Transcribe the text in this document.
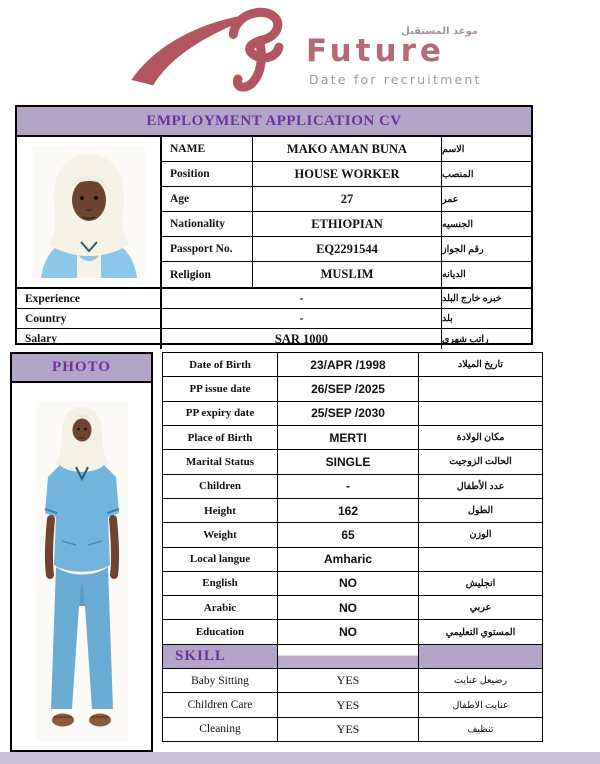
موعد المستقبل
Future
Date for recruitment
EMPLOYMENT APPLICATION CV
NAME	MAKO AMAN BUNA	الاسم
Position	HOUSE WORKER	المنصب
Age	27	عمر
Nationality	ETHIOPIAN	الجنسيه
Passport No.	EQ2291544	رقم الجواز
Religion	MUSLIM	الديانه
Experience	-	خبره خارج البلد
Country	-	بلد
Salary	SAR 1000	راتب شهري
PHOTO	Date of Birth	23/APR /1998	تاريخ الميلاد
PP issue date	26/SEP /2025
PP expiry date	25/SEP /2030
Place of Birth	MERTI	مكان الولادة
Marital Status	SINGLE	الحالت الزوجيت
Children	-	عدد الأطفال
Height	162	الطول
Weight	65	الوزن
Local langue	Amharic
English	NO	انجليش
Arabic	NO	عربي
Education	NO	المستوي التعليمي
SKILL
Baby Sitting	YES	رضيعل عنايت
Children Care	YES	عنايت الاطفال
Cleaning	YES	تنظيف
